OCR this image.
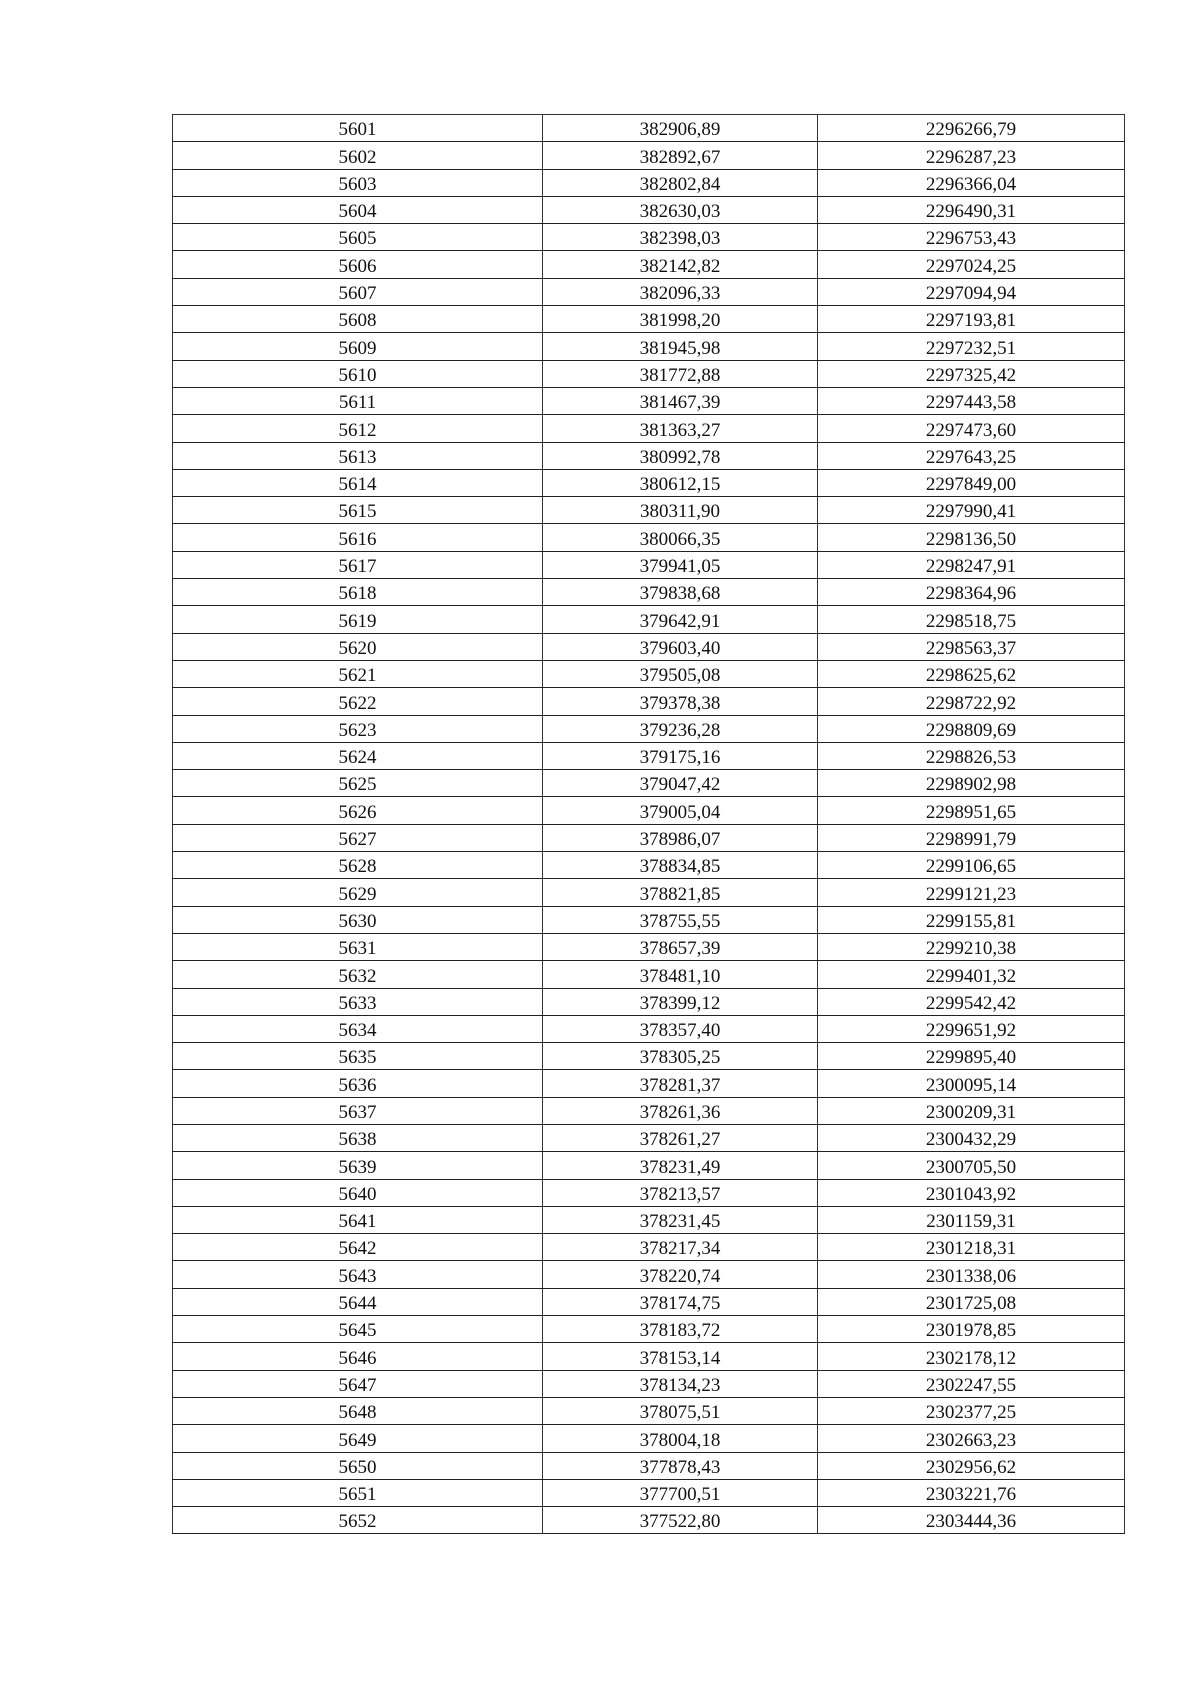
5601	382906,89	2296266,79
5602	382892,67	2296287,23
5603	382802,84	2296366,04
5604	382630,03	2296490,31
5605	382398,03	2296753,43
5606	382142,82	2297024,25
5607	382096,33	2297094,94
5608	381998,20	2297193,81
5609	381945,98	2297232,51
5610	381772,88	2297325,42
5611	381467,39	2297443,58
5612	381363,27	2297473,60
5613	380992,78	2297643,25
5614	380612,15	2297849,00
5615	380311,90	2297990,41
5616	380066,35	2298136,50
5617	379941,05	2298247,91
5618	379838,68	2298364,96
5619	379642,91	2298518,75
5620	379603,40	2298563,37
5621	379505,08	2298625,62
5622	379378,38	2298722,92
5623	379236,28	2298809,69
5624	379175,16	2298826,53
5625	379047,42	2298902,98
5626	379005,04	2298951,65
5627	378986,07	2298991,79
5628	378834,85	2299106,65
5629	378821,85	2299121,23
5630	378755,55	2299155,81
5631	378657,39	2299210,38
5632	378481,10	2299401,32
5633	378399,12	2299542,42
5634	378357,40	2299651,92
5635	378305,25	2299895,40
5636	378281,37	2300095,14
5637	378261,36	2300209,31
5638	378261,27	2300432,29
5639	378231,49	2300705,50
5640	378213,57	2301043,92
5641	378231,45	2301159,31
5642	378217,34	2301218,31
5643	378220,74	2301338,06
5644	378174,75	2301725,08
5645	378183,72	2301978,85
5646	378153,14	2302178,12
5647	378134,23	2302247,55
5648	378075,51	2302377,25
5649	378004,18	2302663,23
5650	377878,43	2302956,62
5651	377700,51	2303221,76
5652	377522,80	2303444,36
